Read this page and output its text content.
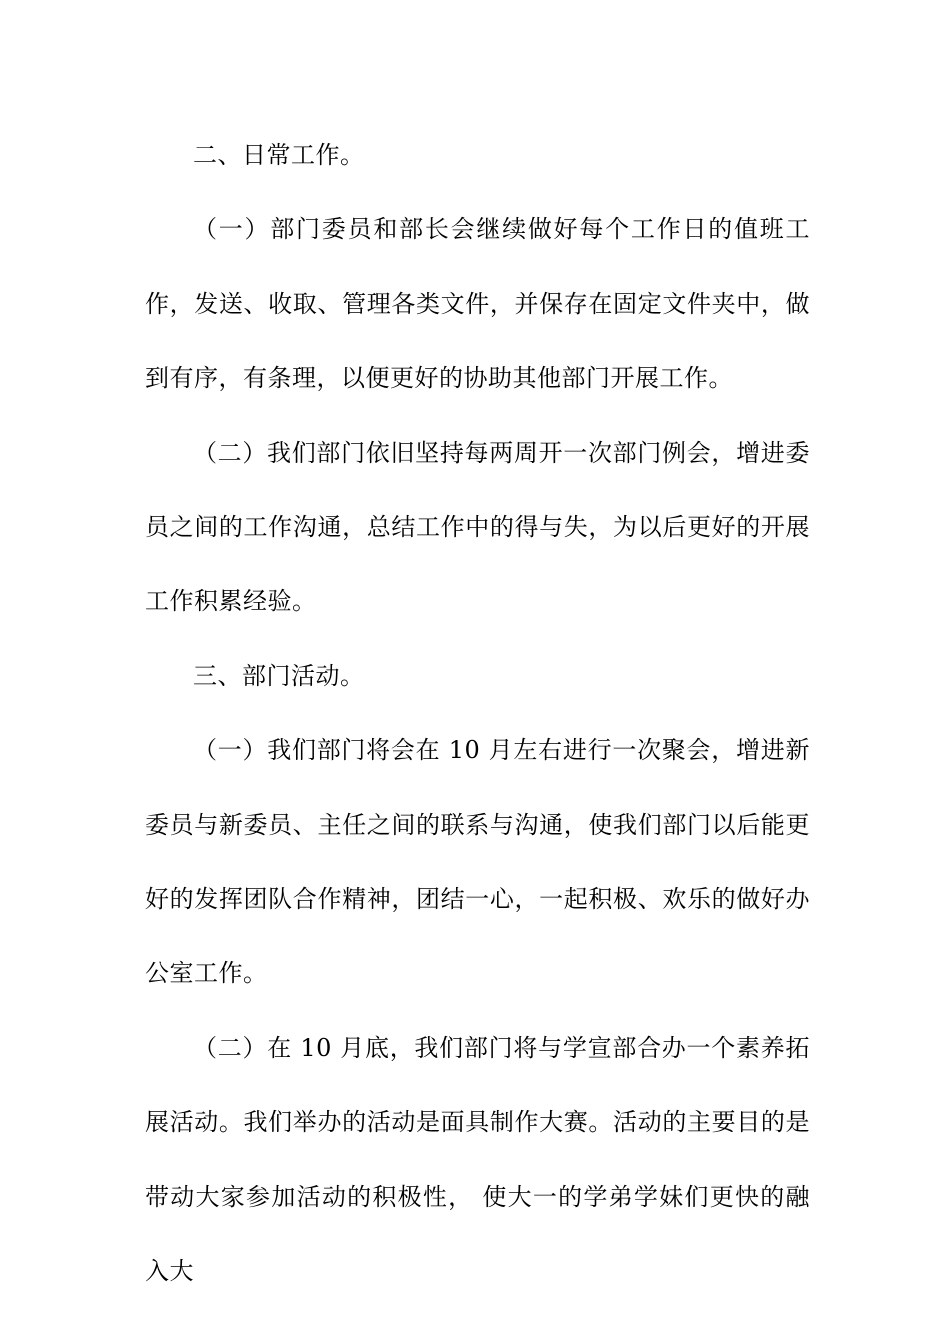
二、日常工作。

（一）部门委员和部长会继续做好每个工作日的值班工作，发送、收取、管理各类文件，并保存在固定文件夹中，做到有序，有条理，以便更好的协助其他部门开展工作。

（二）我们部门依旧坚持每两周开一次部门例会，增进委员之间的工作沟通，总结工作中的得与失，为以后更好的开展工作积累经验。

三、部门活动。

（一）我们部门将会在 10 月左右进行一次聚会，增进新委员与新委员、主任之间的联系与沟通，使我们部门以后能更好的发挥团队合作精神，团结一心，一起积极、欢乐的做好办公室工作。

（二）在 10 月底，我们部门将与学宣部合办一个素养拓展活动。我们举办的活动是面具制作大赛。活动的主要目的是带动大家参加活动的积极性， 使大一的学弟学妹们更快的融入大
